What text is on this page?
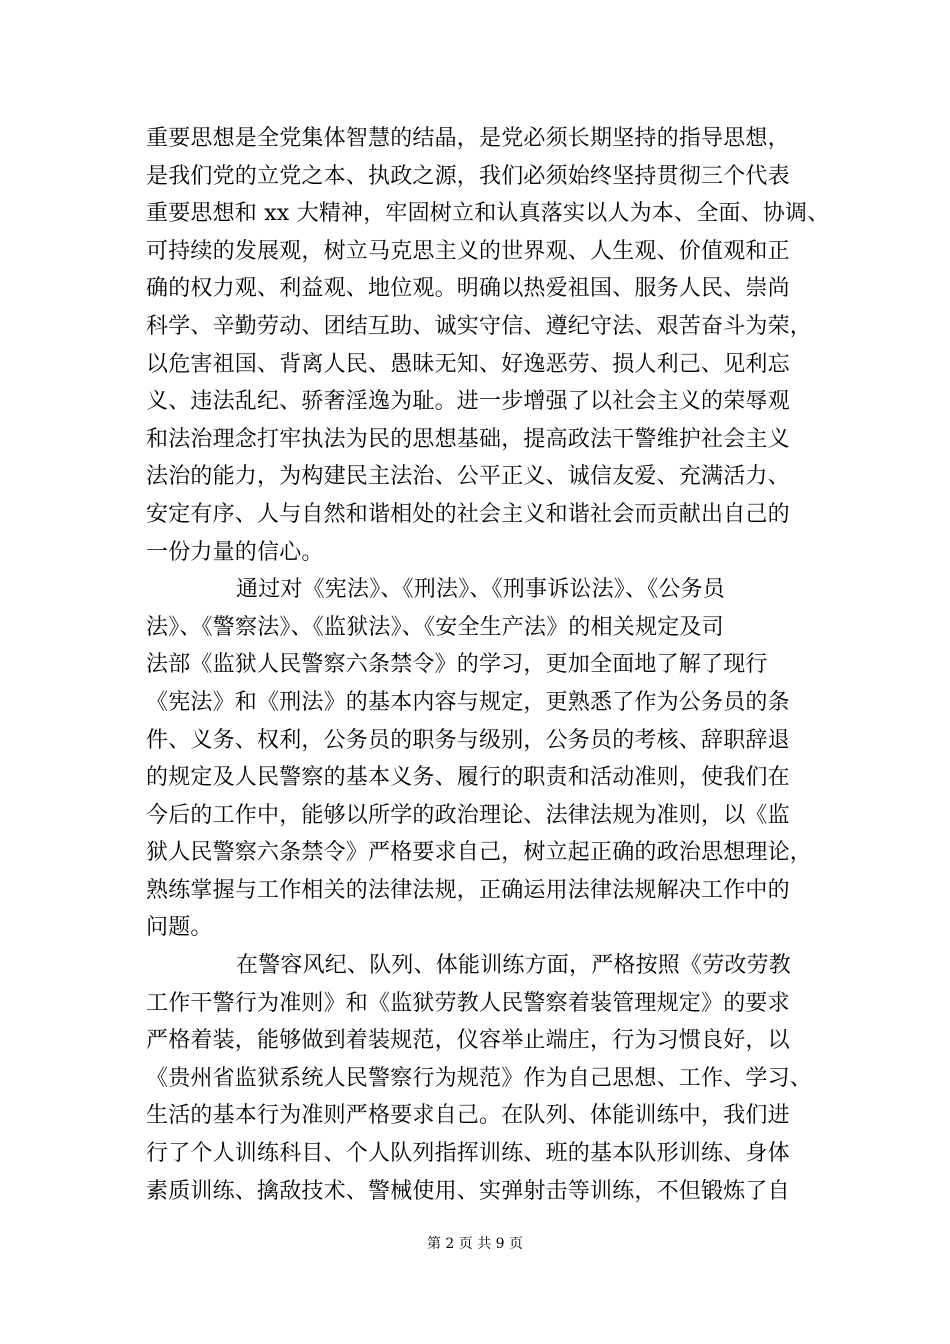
重要思想是全党集体智慧的结晶，是党必须长期坚持的指导思想，
是我们党的立党之本、执政之源，我们必须始终坚持贯彻三个代表
重要思想和 xx 大精神，牢固树立和认真落实以人为本、全面、协调、
可持续的发展观，树立马克思主义的世界观、人生观、价值观和正
确的权力观、利益观、地位观。明确以热爱祖国、服务人民、崇尚
科学、辛勤劳动、团结互助、诚实守信、遵纪守法、艰苦奋斗为荣，
以危害祖国、背离人民、愚昧无知、好逸恶劳、损人利己、见利忘
义、违法乱纪、骄奢淫逸为耻。进一步增强了以社会主义的荣辱观
和法治理念打牢执法为民的思想基础，提高政法干警维护社会主义
法治的能力，为构建民主法治、公平正义、诚信友爱、充满活力、
安定有序、人与自然和谐相处的社会主义和谐社会而贡献出自己的
一份力量的信心。
通过对《宪法》、《刑法》、《刑事诉讼法》、《公务员
法》、《警察法》、《监狱法》、《安全生产法》的相关规定及司
法部《监狱人民警察六条禁令》的学习，更加全面地了解了现行
《宪法》和《刑法》的基本内容与规定，更熟悉了作为公务员的条
件、义务、权利，公务员的职务与级别，公务员的考核、辞职辞退
的规定及人民警察的基本义务、履行的职责和活动准则，使我们在
今后的工作中，能够以所学的政治理论、法律法规为准则，以《监
狱人民警察六条禁令》严格要求自己，树立起正确的政治思想理论，
熟练掌握与工作相关的法律法规，正确运用法律法规解决工作中的
问题。
在警容风纪、队列、体能训练方面，严格按照《劳改劳教
工作干警行为准则》和《监狱劳教人民警察着装管理规定》的要求
严格着装，能够做到着装规范，仪容举止端庄，行为习惯良好，以
《贵州省监狱系统人民警察行为规范》作为自己思想、工作、学习、
生活的基本行为准则严格要求自己。在队列、体能训练中，我们进
行了个人训练科目、个人队列指挥训练、班的基本队形训练、身体
素质训练、擒敌技术、警械使用、实弹射击等训练，不但锻炼了自
第 2 页 共 9 页
